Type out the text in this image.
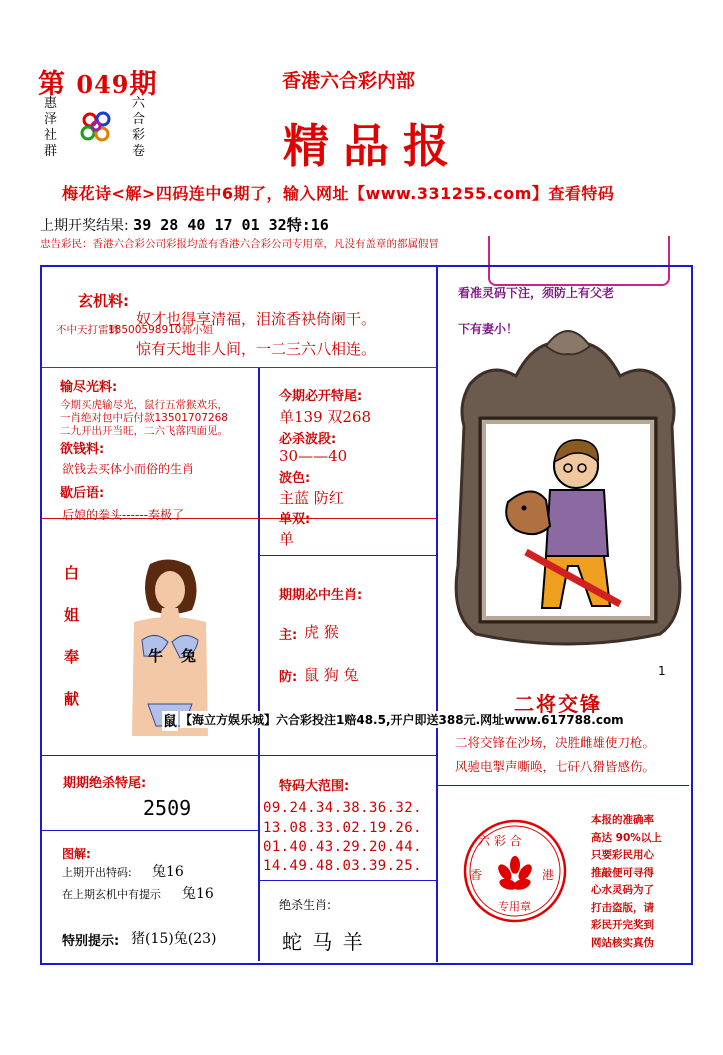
第 049期
惠泽社群
六合彩卷
香港六合彩内部
精品报
梅花诗<解>四码连中6期了，输入网址【www.331255.com】查看特码
上期开奖结果: 39 28 40 17 01 32特:16
忠告彩民：香港六合彩公司彩报均盖有香港六合彩公司专用章，凡没有盖章的都属假冒
玄机料:
不中天打雷劈
18500598910郭小姐
奴才也得享清福，泪流香袂倚阑干。
惊有天地非人间，一二三六八相连。
看准灵码下注，须防上有父老
下有妻小！
1
输尽光料:
今期买虎输尽光，鼠行五常猴欢乐，
一肖绝对包中后付款13501707268
二九开出开当旺，二六飞落四面见。
欲钱料:
欲钱去买体小而俗的生肖
歇后语:
后娘的拳头------奏极了
今期必开特尾:
单139 双268
必杀波段:
30——40
波色:
主蓝 防红
单双:
单
白
姐
奉
献
牛 兔
期期必中生肖:
主: 虎 猴
防: 鼠 狗 兔
鼠 【海立方娱乐城】六合彩投注1赔48.5,开户即送388元.网址www.617788.com
二将交锋
二将交锋在沙场，决胜雌雄使刀枪。
风驰电掣声嘶唤，七矸八猾皆感伤。
期期绝杀特尾:
2509
特码大范围:
09.24.34.38.36.32.
13.08.33.02.19.26.
01.40.43.29.20.44.
14.49.48.03.39.25.
图解:
上期开出特码: 兔16
在上期玄机中有提示 兔16
特别提示: 猪(15)兔(23)
绝杀生肖:
蛇 马 羊
六 彩 合
香	港
专用章
本报的准确率
高达 90%以上
只要彩民用心
推敲便可寻得
心水灵码为了
打击盗版，请
彩民开完奖到
网站核实真伪
